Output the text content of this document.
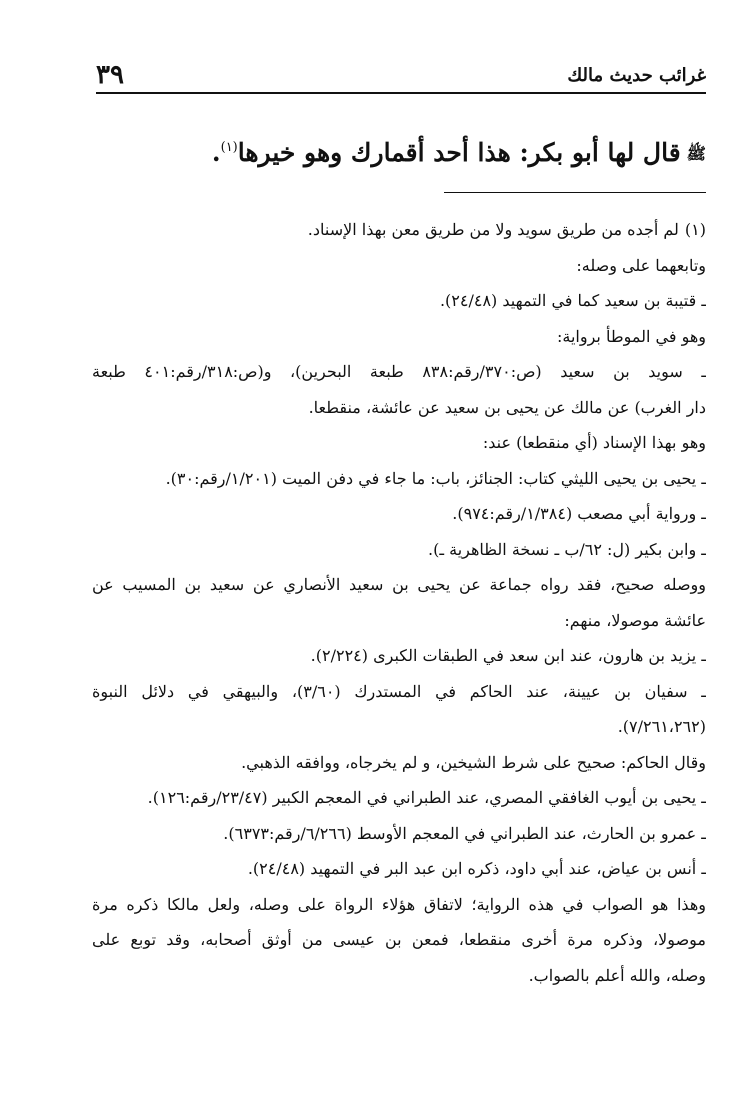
غرائب حديث مالك
٣٩
ﷺقال لها أبو بكر: هذا أحد أقمارك وهو خيرها$^{(١)}$.
(١)لم أجده من طريق سويد ولا من طريق معن بهذا الإسناد.
وتابعهما على وصله:
ـ قتيبة بن سعيد كما في التمهيد (٢٤/٤٨).
وهو في الموطأ برواية:
ـ سويد بن سعيد (ص:٣٧٠/رقم:٨٣٨ طبعة البحرين)، و(ص:٣١٨/رقم:٤٠١ طبعة
دار الغرب) عن مالك عن يحيى بن سعيد عن عائشة، منقطعا.
وهو بهذا الإسناد (أي منقطعا) عند:
ـ يحيى بن يحيى الليثي كتاب: الجنائز، باب: ما جاء في دفن الميت (١/٢٠١/رقم:٣٠).
ـ ورواية أبي مصعب (١/٣٨٤/رقم:٩٧٤).
ـ وابن بكير (ل: ٦٢/ب ـ نسخة الظاهرية ـ).
ووصله صحيح، فقد رواه جماعة عن يحيى بن سعيد الأنصاري عن سعيد بن المسيب عن
عائشة موصولا، منهم:
ـ يزيد بن هارون، عند ابن سعد في الطبقات الكبرى (٢/٢٢٤).
ـ سفيان بن عيينة، عند الحاكم في المستدرك (٣/٦٠)، والبيهقي في دلائل النبوة
(٧/٢٦١،٢٦٢).
وقال الحاكم: صحيح على شرط الشيخين، و لم يخرجاه، ووافقه الذهبي.
ـ يحيى بن أيوب الغافقي المصري، عند الطبراني في المعجم الكبير (٢٣/٤٧/رقم:١٢٦).
ـ عمرو بن الحارث، عند الطبراني في المعجم الأوسط (٦/٢٦٦/رقم:٦٣٧٣).
ـ أنس بن عياض، عند أبي داود، ذكره ابن عبد البر في التمهيد (٢٤/٤٨).
وهذا هو الصواب في هذه الرواية؛ لاتفاق هؤلاء الرواة على وصله، ولعل مالكا ذكره مرة
موصولا، وذكره مرة أخرى منقطعا، فمعن بن عيسى من أوثق أصحابه، وقد توبع على
وصله، والله أعلم بالصواب.
